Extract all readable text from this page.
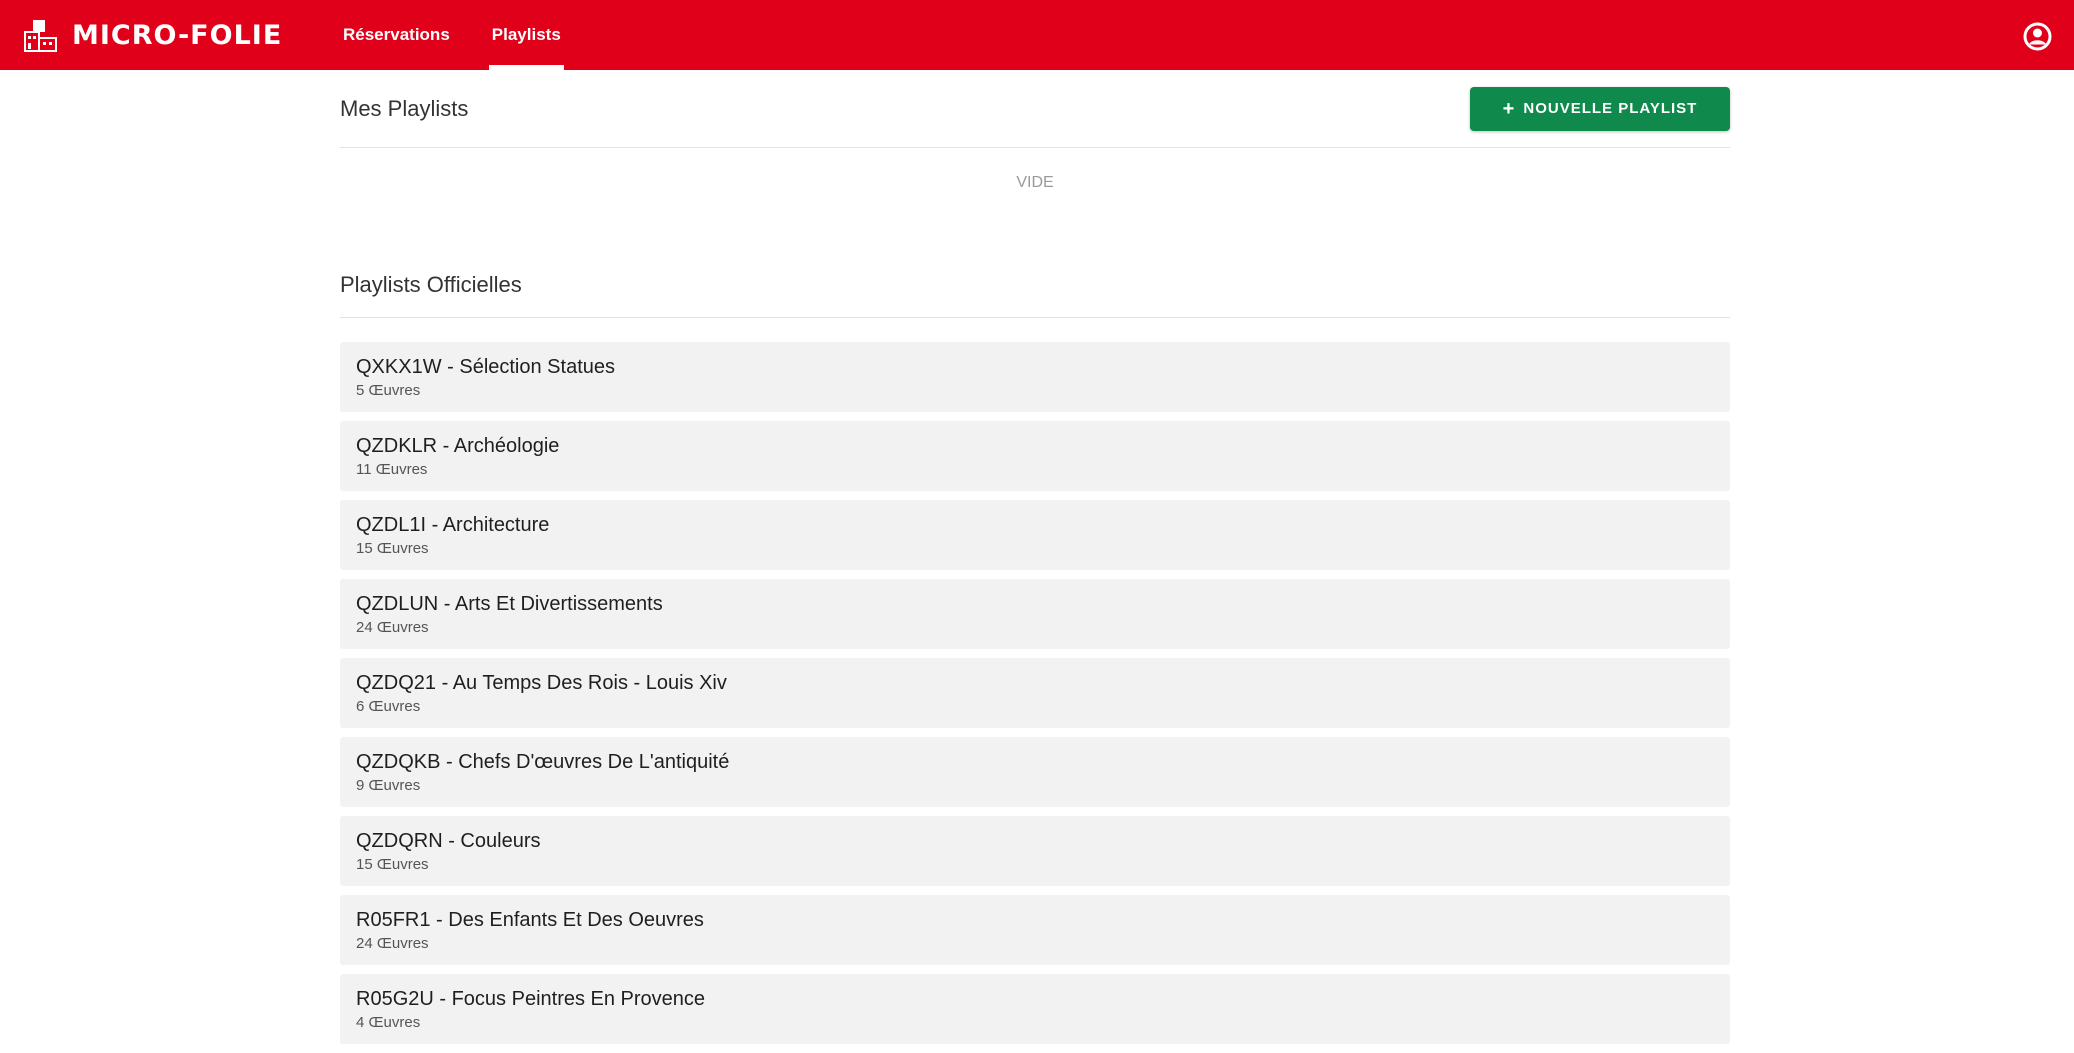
MICRO-FOLIE	Réservations	Playlists
Mes Playlists	+ NOUVELLE PLAYLIST
VIDE
Playlists Officielles
QXKX1W - Sélection Statues
5 Œuvres
QZDKLR - Archéologie
11 Œuvres
QZDL1I - Architecture
15 Œuvres
QZDLUN - Arts Et Divertissements
24 Œuvres
QZDQ21 - Au Temps Des Rois - Louis Xiv
6 Œuvres
QZDQKB - Chefs D'œuvres De L'antiquité
9 Œuvres
QZDQRN - Couleurs
15 Œuvres
R05FR1 - Des Enfants Et Des Oeuvres
24 Œuvres
R05G2U - Focus Peintres En Provence
4 Œuvres
